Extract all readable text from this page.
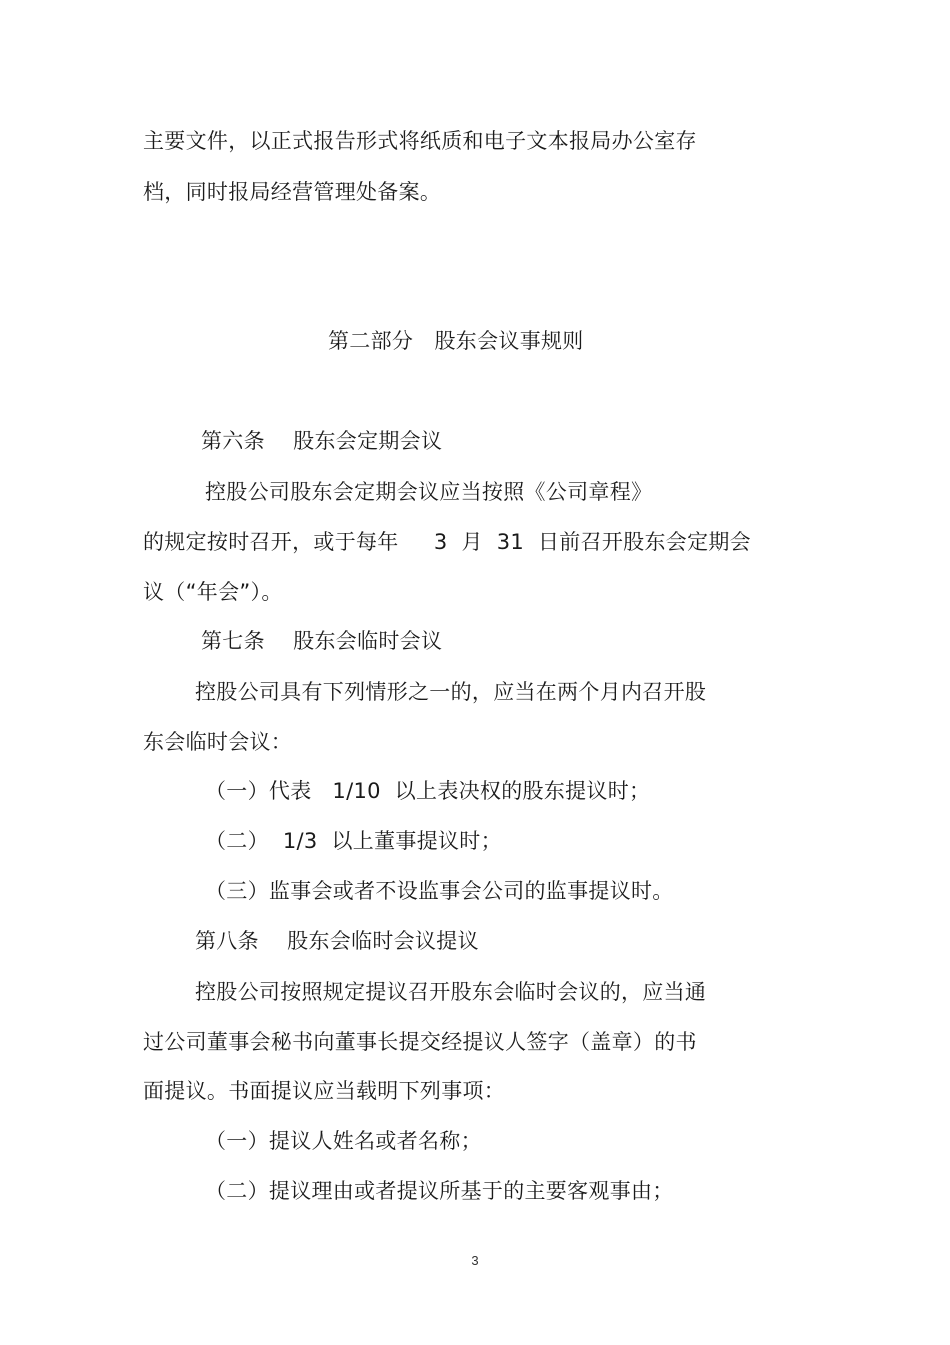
主要文件，以正式报告形式将纸质和电子文本报局办公室存
档，同时报局经营管理处备案。
第二部分　股东会议事规则
第六条　 股东会定期会议
控股公司股东会定期会议应当按照《公司章程》
的规定按时召开，或于每年　  3  月  31  日前召开股东会定期会
议（“年会”）。
第七条　 股东会临时会议
控股公司具有下列情形之一的，应当在两个月内召开股
东会临时会议：
（一）代表   1/10  以上表决权的股东提议时；
（二）  1/3  以上董事提议时；
（三）监事会或者不设监事会公司的监事提议时。
第八条　 股东会临时会议提议
控股公司按照规定提议召开股东会临时会议的，应当通
过公司董事会秘书向董事长提交经提议人签字（盖章）的书
面提议。书面提议应当载明下列事项：
（一）提议人姓名或者名称；
（二）提议理由或者提议所基于的主要客观事由；
3
